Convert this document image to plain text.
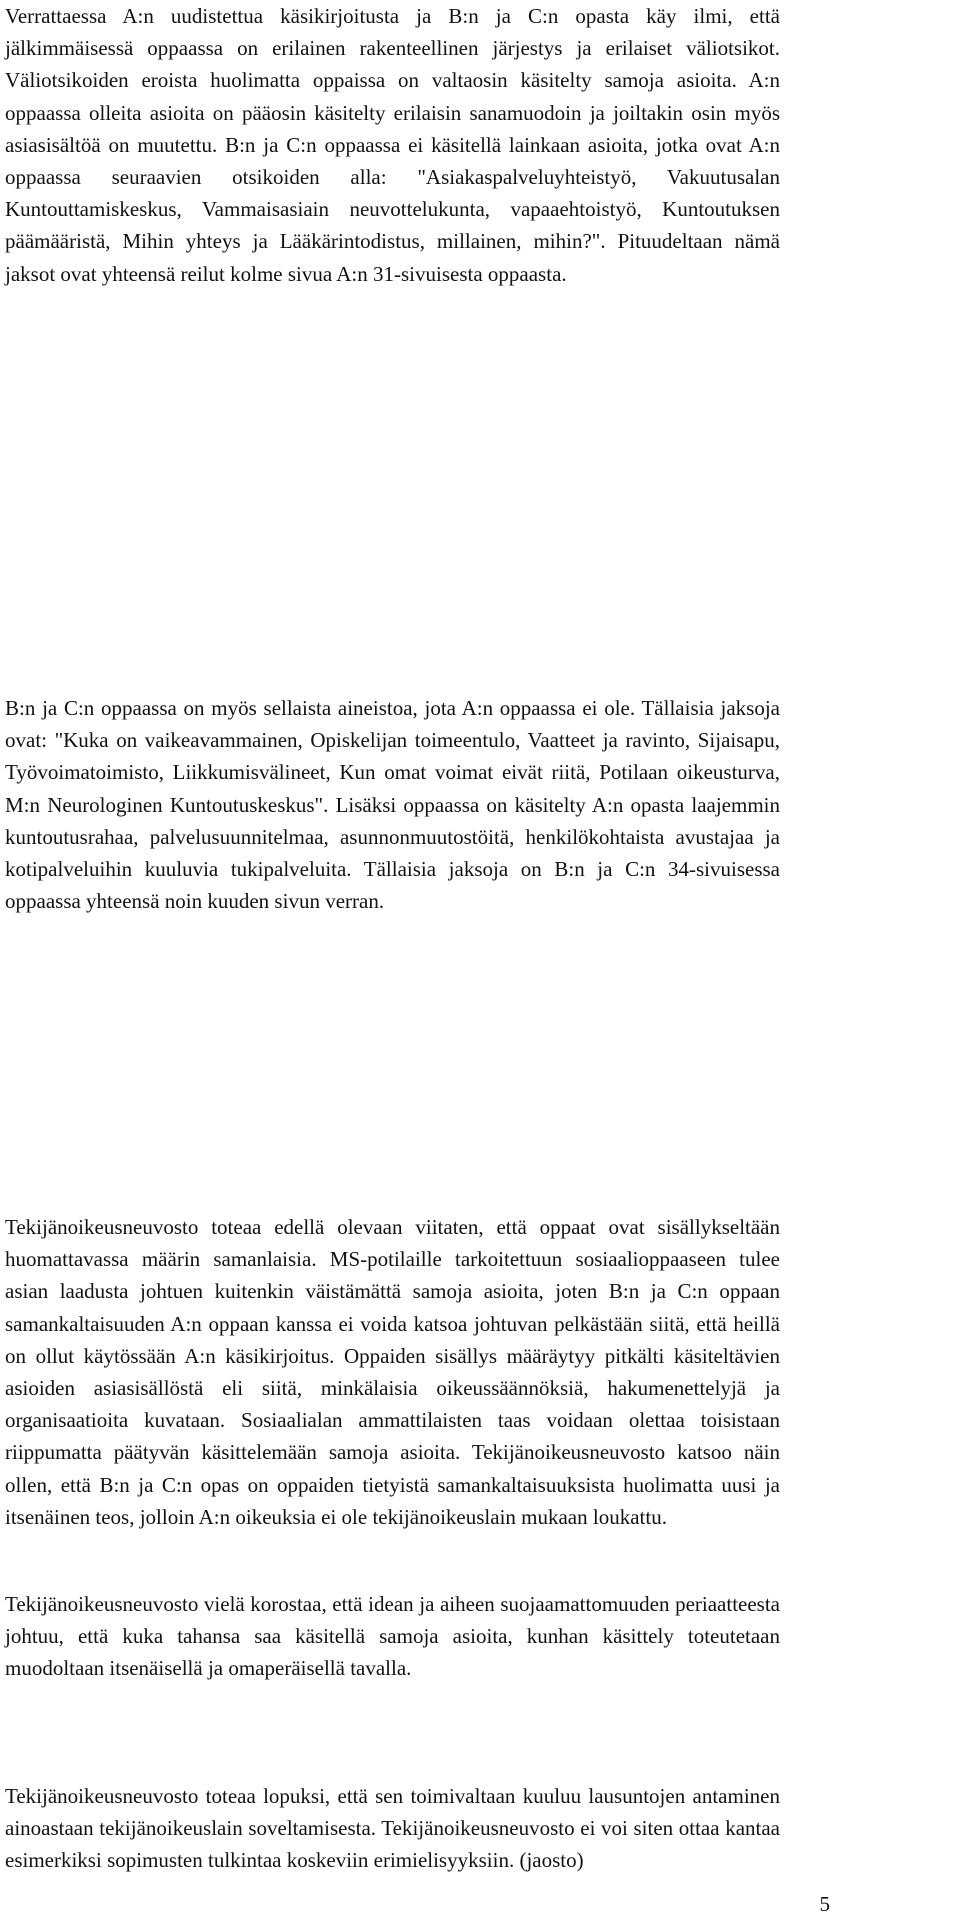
Verrattaessa A:n uudistettua käsikirjoitusta ja B:n ja C:n opasta käy ilmi, että jälkimmäisessä oppaassa on erilainen rakenteellinen järjestys ja erilaiset väliotsikot. Väliotsikoiden eroista huolimatta oppaissa on valtaosin käsitelty samoja asioita. A:n oppaassa olleita asioita on pääosin käsitelty erilaisin sanamuodoin ja joiltakin osin myös asiasisältöä on muutettu. B:n ja C:n oppaassa ei käsitellä lainkaan asioita, jotka ovat A:n oppaassa seuraavien otsikoiden alla: "Asiakaspalveluyhteistyö, Vakuutusalan Kuntouttamiskeskus, Vammaisasiain neuvottelukunta, vapaaehtoistyö, Kuntoutuksen päämääristä, Mihin yhteys ja Lääkärintodistus, millainen, mihin?". Pituudeltaan nämä jaksot ovat yhteensä reilut kolme sivua A:n 31-sivuisesta oppaasta.

B:n ja C:n oppaassa on myös sellaista aineistoa, jota A:n oppaassa ei ole. Tällaisia jaksoja ovat: "Kuka on vaikeavammainen, Opiskelijan toimeentulo, Vaatteet ja ravinto, Sijaisapu, Työvoimatoimisto, Liikkumisvälineet, Kun omat voimat eivät riitä, Potilaan oikeusturva, M:n Neurologinen Kuntoutuskeskus". Lisäksi oppaassa on käsitelty A:n opasta laajemmin kuntoutusrahaa, palvelusuunnitelmaa, asunnonmuutostöitä, henkilökohtaista avustajaa ja kotipalveluihin kuuluvia tukipalveluita. Tällaisia jaksoja on B:n ja C:n 34-sivuisessa oppaassa yhteensä noin kuuden sivun verran.

Tekijänoikeusneuvosto toteaa edellä olevaan viitaten, että oppaat ovat sisällykseltään huomattavassa määrin samanlaisia. MS-potilaille tarkoitettuun sosiaalioppaaseen tulee asian laadusta johtuen kuitenkin väistämättä samoja asioita, joten B:n ja C:n oppaan samankaltaisuuden A:n oppaan kanssa ei voida katsoa johtuvan pelkästään siitä, että heillä on ollut käytössään A:n käsikirjoitus. Oppaiden sisällys määräytyy pitkälti käsiteltävien asioiden asiasisällöstä eli siitä, minkälaisia oikeussäännöksiä, hakumenettelyjä ja organisaatioita kuvataan. Sosiaalialan ammattilaisten taas voidaan olettaa toisistaan riippumatta päätyvän käsittelemään samoja asioita. Tekijänoikeusneuvosto katsoo näin ollen, että B:n ja C:n opas on oppaiden tietyistä samankaltaisuuksista huolimatta uusi ja itsenäinen teos, jolloin A:n oikeuksia ei ole tekijänoikeuslain mukaan loukattu.

Tekijänoikeusneuvosto vielä korostaa, että idean ja aiheen suojaamattomuuden periaatteesta johtuu, että kuka tahansa saa käsitellä samoja asioita, kunhan käsittely toteutetaan muodoltaan itsenäisellä ja omaperäisellä tavalla.

Tekijänoikeusneuvosto toteaa lopuksi, että sen toimivaltaan kuuluu lausuntojen antaminen ainoastaan tekijänoikeuslain soveltamisesta. Tekijänoikeusneuvosto ei voi siten ottaa kantaa esimerkiksi sopimusten tulkintaa koskeviin erimielisyyksiin. (jaosto)

5
